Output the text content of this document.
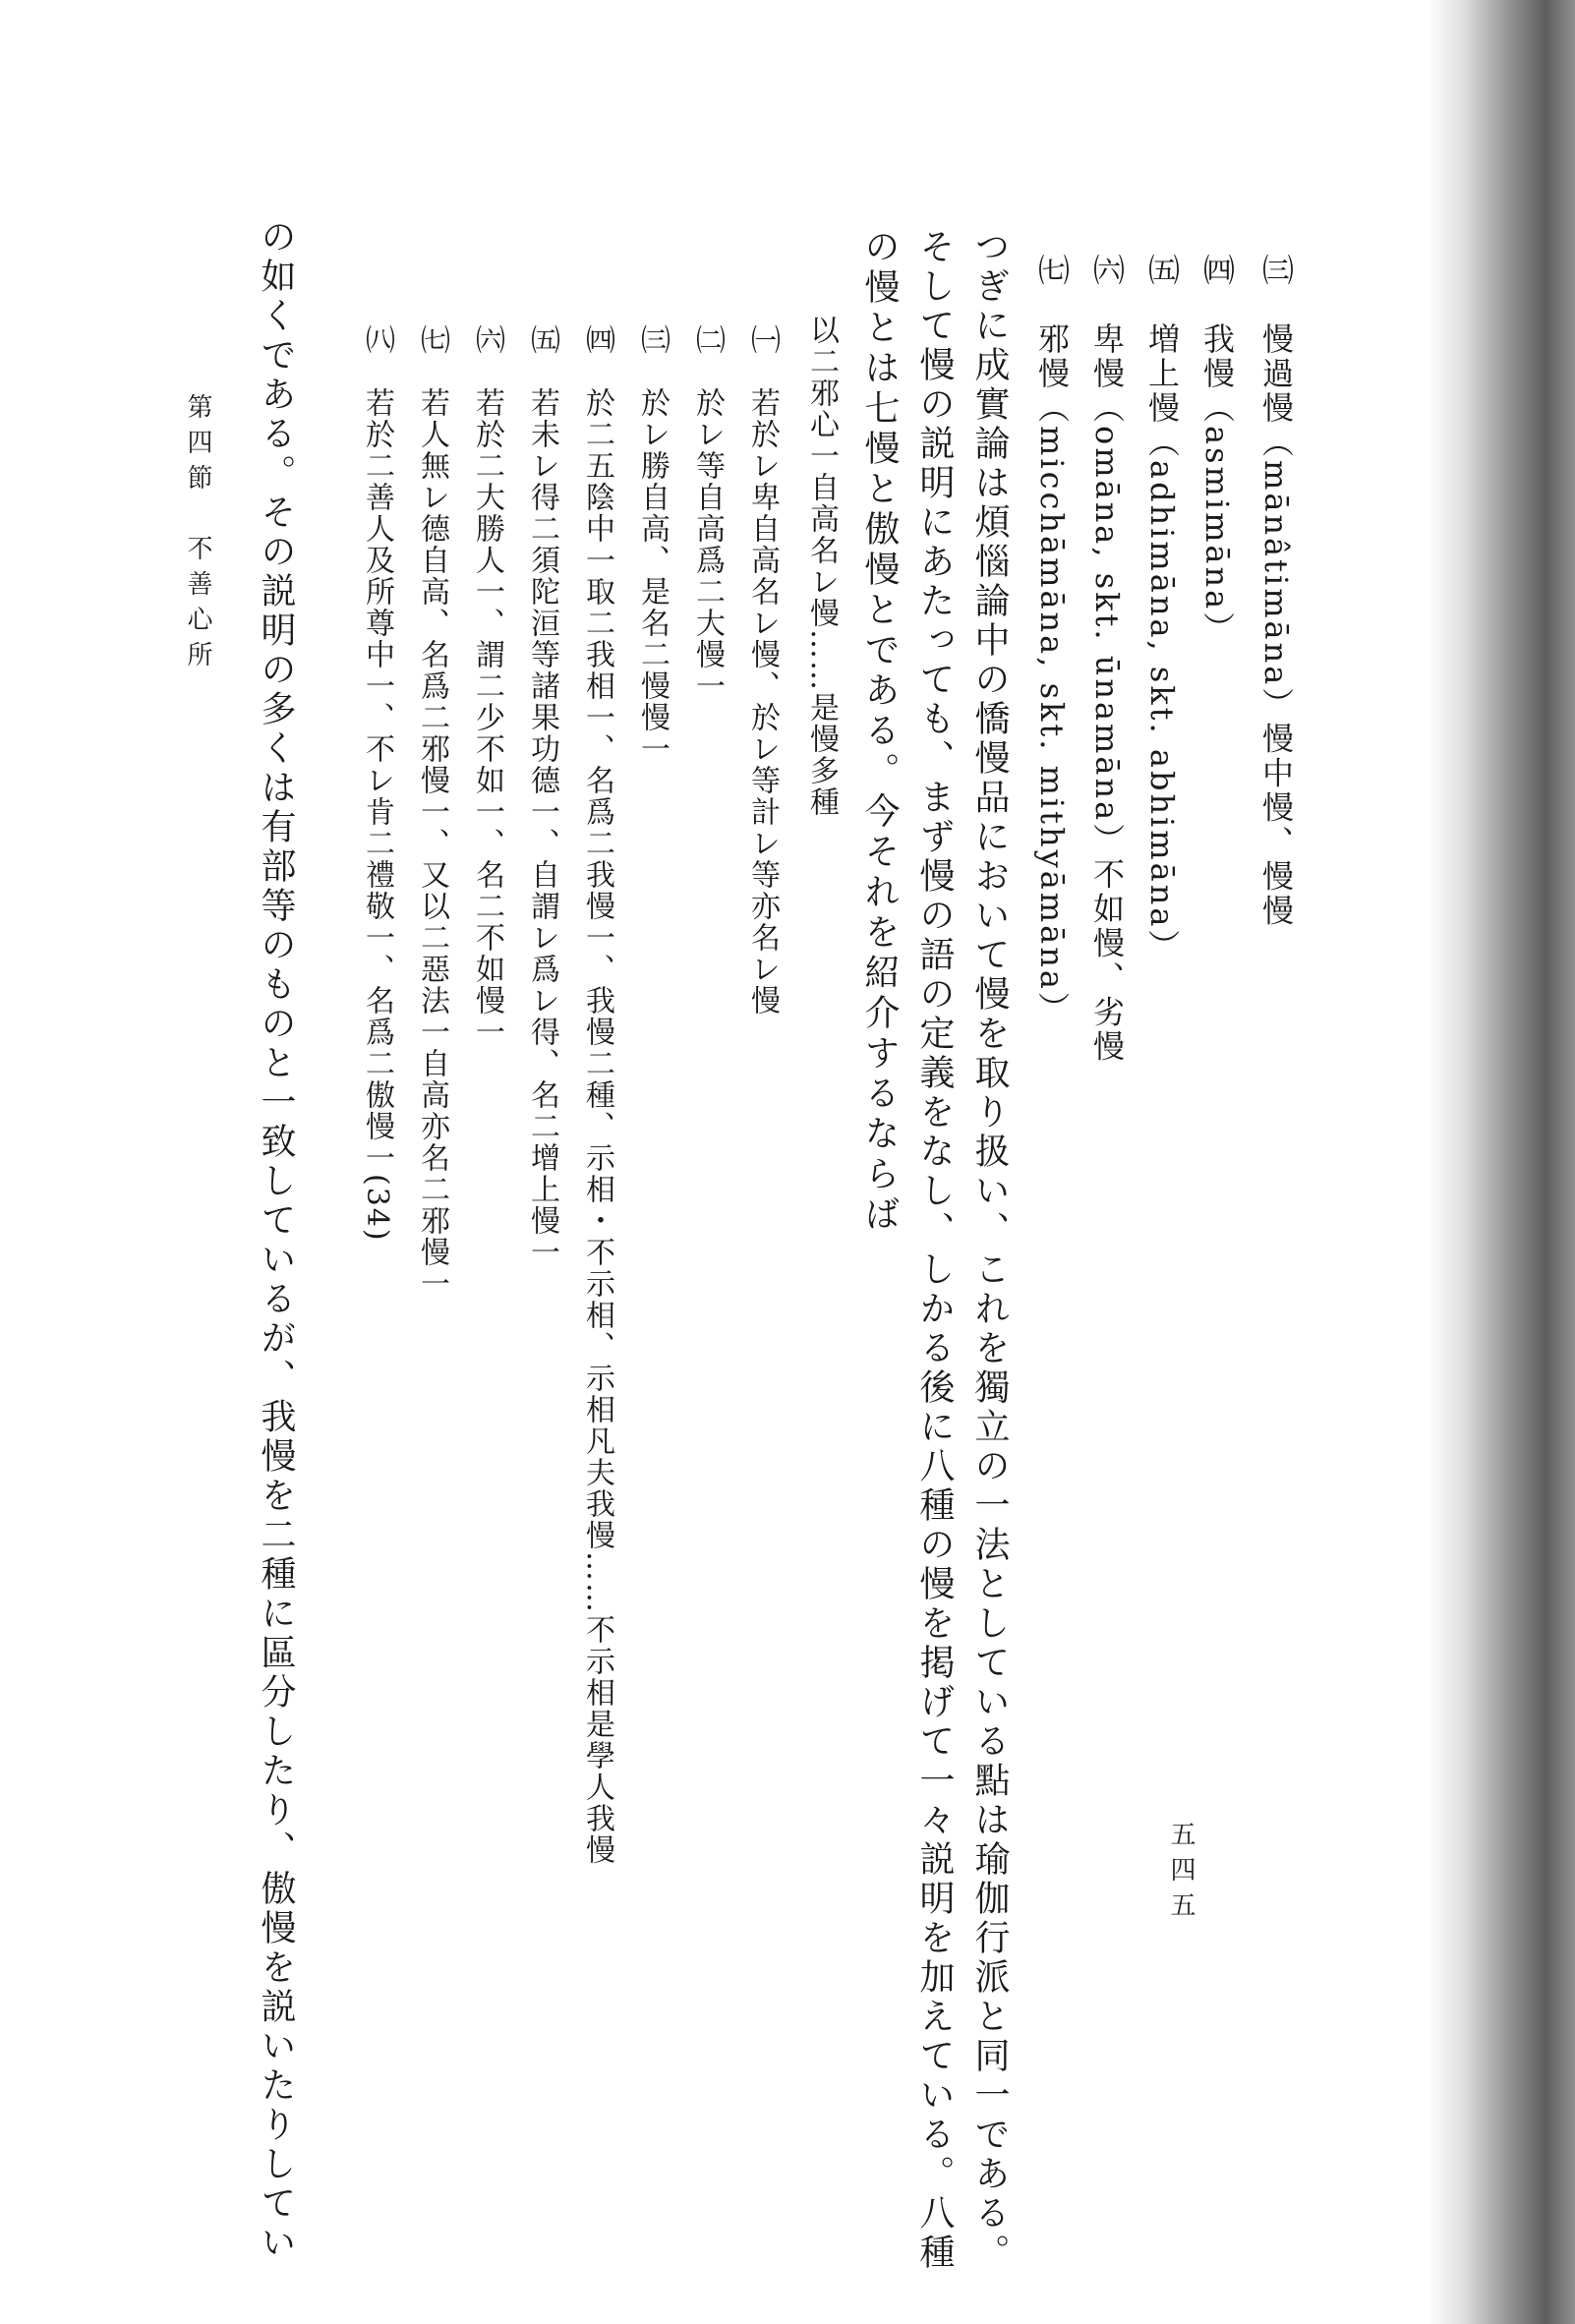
㈢　慢過慢（mānâtimāna）慢中慢、慢慢
㈣　我慢（asmimāna）
㈤　増上慢（adhimāna, skt. abhimāna）
㈥　卑慢（omāna, skt. ūnamāna）不如慢、劣慢
㈦　邪慢（micchāmāna, skt. mithyāmāna）
つぎに成實論は煩惱論中の憍慢品において慢を取り扱い、これを獨立の一法としている點は瑜伽行派と同一である。
そして慢の説明にあたっても、まず慢の語の定義をなし、しかる後に八種の慢を掲げて一々説明を加えている。八種
の慢とは七慢と傲慢とである。今それを紹介するならば
以二邪心一自高名レ慢……是慢多種
㈠　若於レ卑自高名レ慢、於レ等計レ等亦名レ慢
㈡　於レ等自高爲二大慢一
㈢　於レ勝自高、是名二慢慢一
㈣　於二五陰中一取二我相一、名爲二我慢一、我慢二種、示相・不示相、示相凡夫我慢……不示相是學人我慢
㈤　若未レ得二須陀洹等諸果功德一、自謂レ爲レ得、名二增上慢一
㈥　若於二大勝人一、謂二少不如一、名二不如慢一
㈦　若人無レ德自高、名爲二邪慢一、又以二惡法一自高亦名二邪慢一
㈧　若於二善人及所尊中一、不レ肯二禮敬一、名爲二傲慢一(34)
の如くである。その説明の多くは有部等のものと一致しているが、我慢を二種に區分したり、傲慢を説いたりしてい
第四節　不善心所
五四五
